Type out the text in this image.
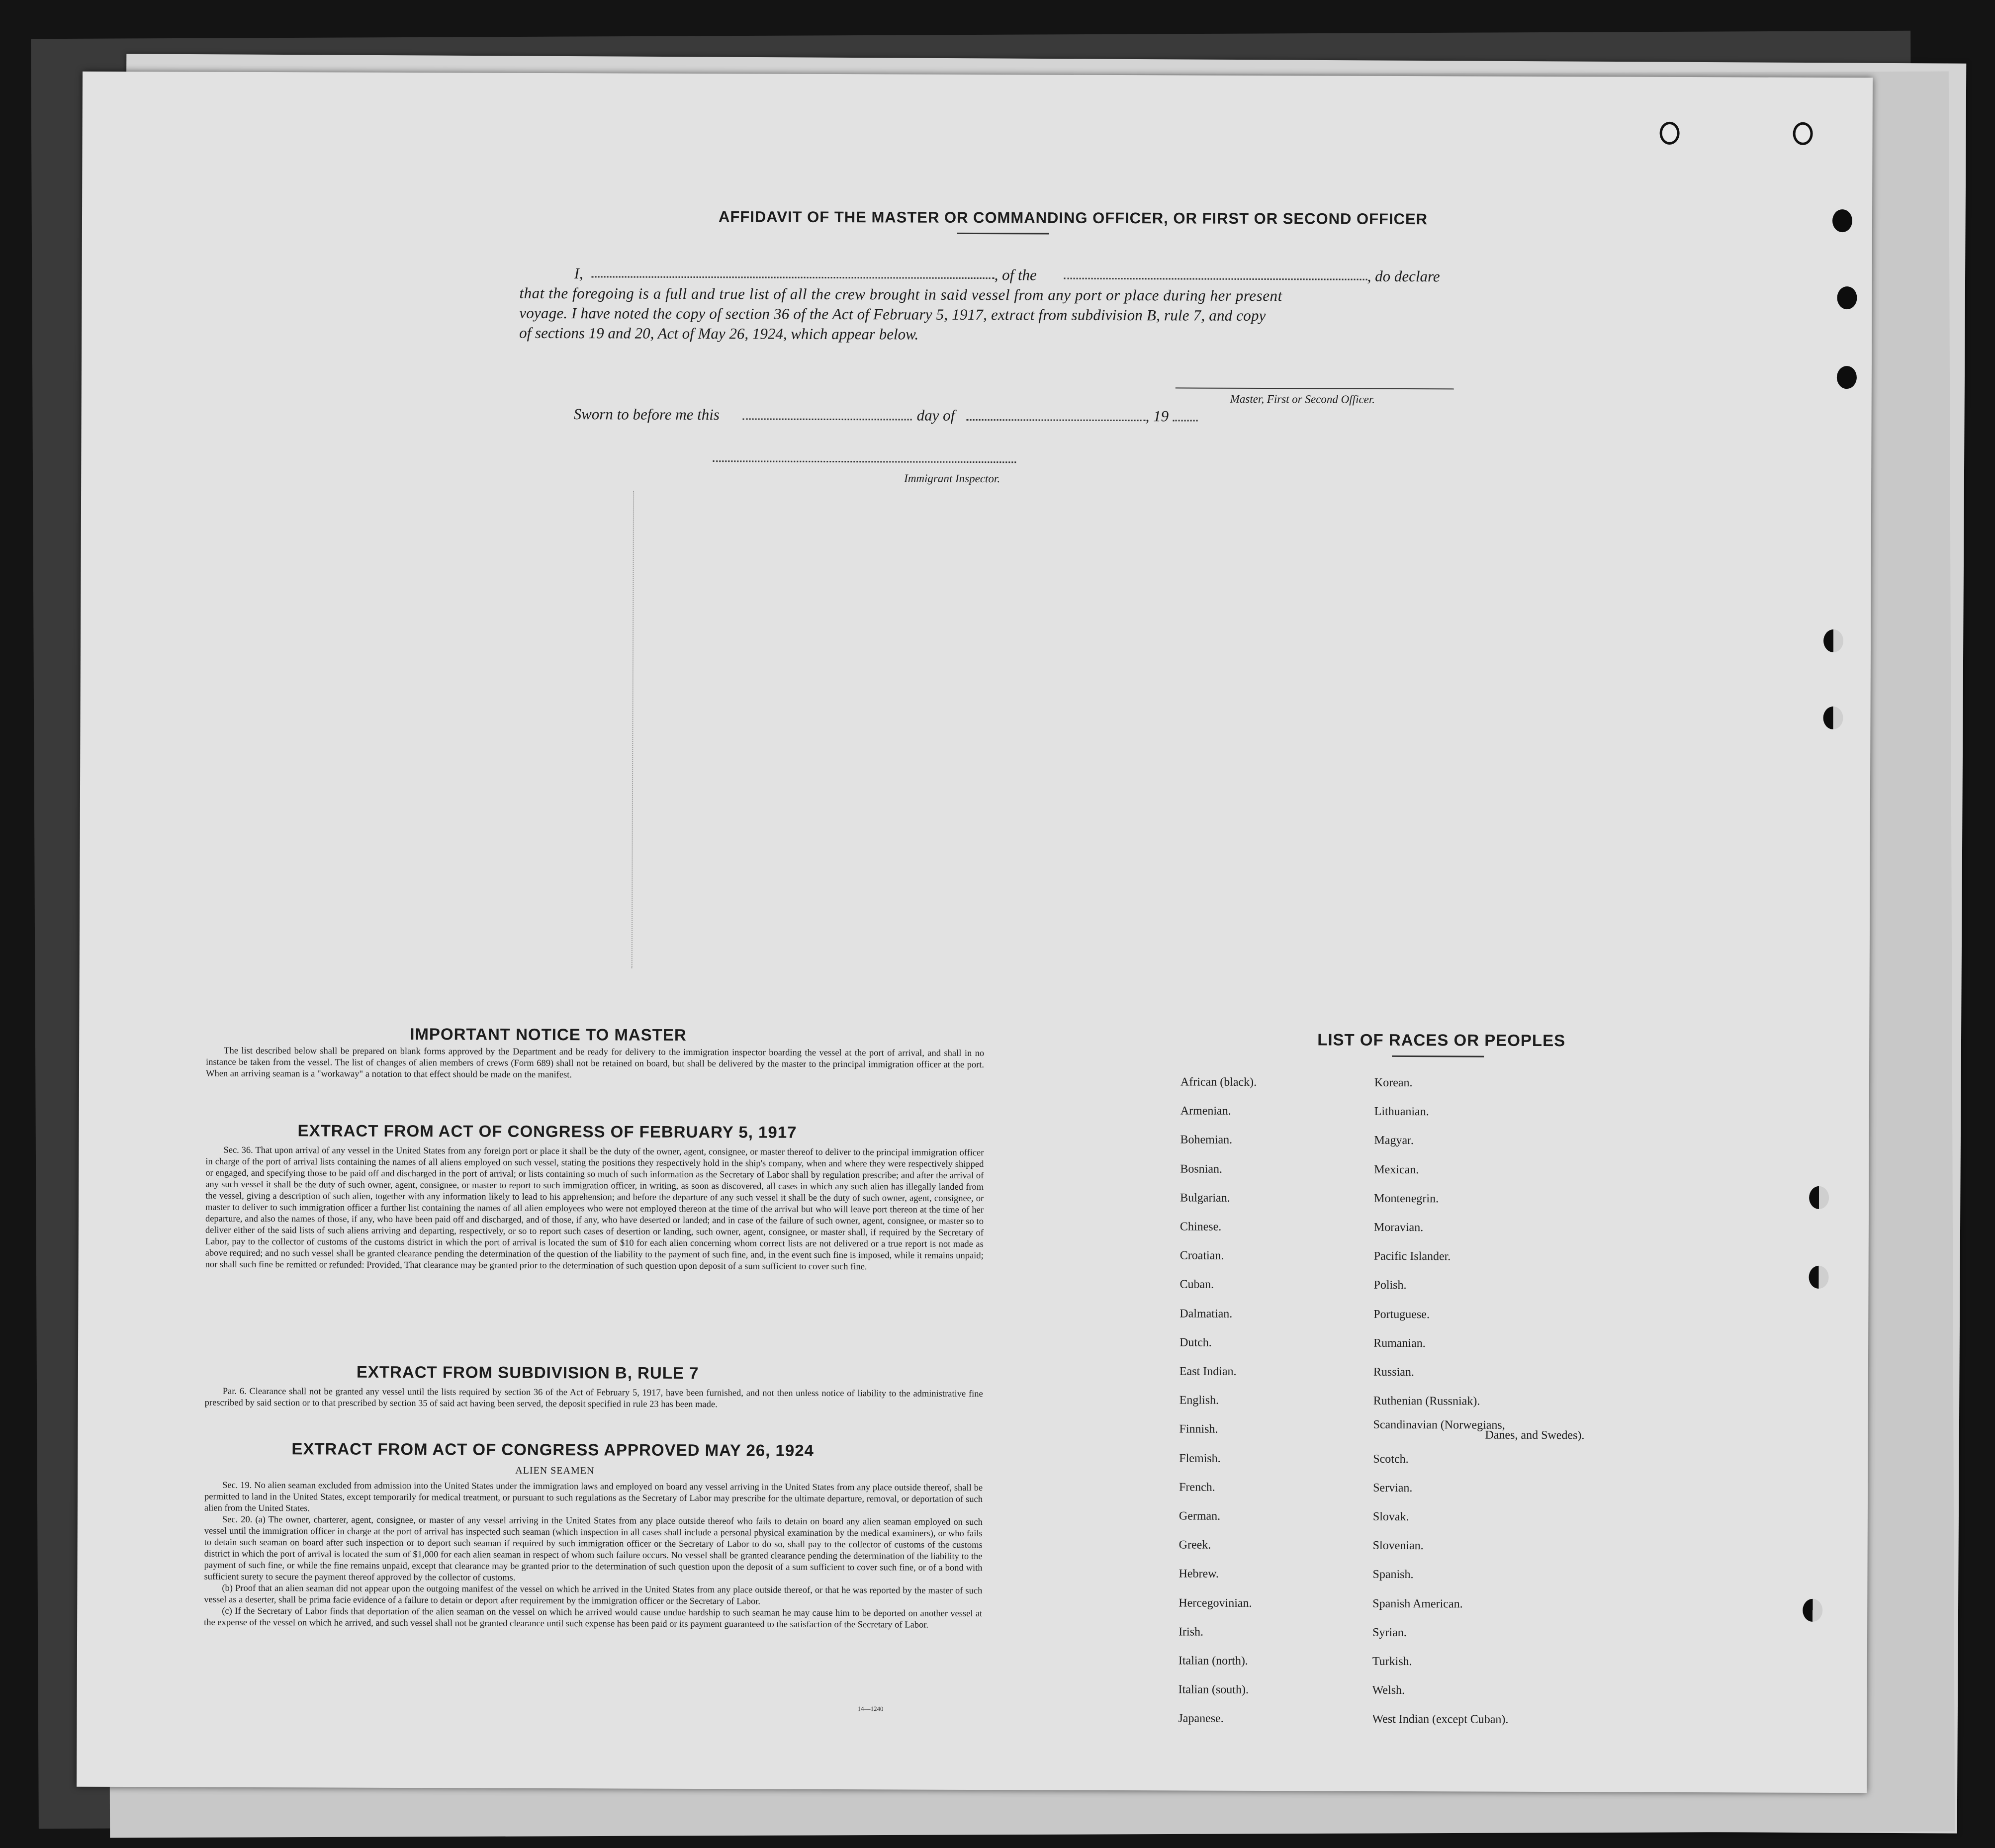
AFFIDAVIT OF THE MASTER OR COMMANDING OFFICER, OR FIRST OR SECOND OFFICER
I,	, of the	, do declare
that the foregoing is a full and true list of all the crew brought in said vessel from any port or place during her present
voyage. I have noted the copy of section 36 of the Act of February 5, 1917, extract from subdivision B, rule 7, and copy
of sections 19 and 20, Act of May 26, 1924, which appear below.
Master, First or Second Officer.
Sworn to before me this	day of	, 19
Immigrant Inspector.
IMPORTANT NOTICE TO MASTER

The list described below shall be prepared on blank forms approved by the Department and be ready for delivery to the immigration inspector boarding the vessel at the port of arrival, and shall in no instance be taken from the vessel. The list of changes of alien members of crews (Form 689) shall not be retained on board, but shall be delivered by the master to the principal immigration officer at the port. When an arriving seaman is a "workaway" a notation to that effect should be made on the manifest.

EXTRACT FROM ACT OF CONGRESS OF FEBRUARY 5, 1917

Sec. 36. That upon arrival of any vessel in the United States from any foreign port or place it shall be the duty of the owner, agent, consignee, or master thereof to deliver to the principal immigration officer in charge of the port of arrival lists containing the names of all aliens employed on such vessel, stating the positions they respectively hold in the ship's company, when and where they were respectively shipped or engaged, and specifying those to be paid off and discharged in the port of arrival; or lists containing so much of such information as the Secretary of Labor shall by regulation prescribe; and after the arrival of any such vessel it shall be the duty of such owner, agent, consignee, or master to report to such immigration officer, in writing, as soon as discovered, all cases in which any such alien has illegally landed from the vessel, giving a description of such alien, together with any information likely to lead to his apprehension; and before the departure of any such vessel it shall be the duty of such owner, agent, consignee, or master to deliver to such immigration officer a further list containing the names of all alien employees who were not employed thereon at the time of the arrival but who will leave port thereon at the time of her departure, and also the names of those, if any, who have been paid off and discharged, and of those, if any, who have deserted or landed; and in case of the failure of such owner, agent, consignee, or master so to deliver either of the said lists of such aliens arriving and departing, respectively, or so to report such cases of desertion or landing, such owner, agent, consignee, or master shall, if required by the Secretary of Labor, pay to the collector of customs of the customs district in which the port of arrival is located the sum of $10 for each alien concerning whom correct lists are not delivered or a true report is not made as above required; and no such vessel shall be granted clearance pending the determination of the question of the liability to the payment of such fine, and, in the event such fine is imposed, while it remains unpaid; nor shall such fine be remitted or refunded: Provided, That clearance may be granted prior to the determination of such question upon deposit of a sum sufficient to cover such fine.

EXTRACT FROM SUBDIVISION B, RULE 7

Par. 6. Clearance shall not be granted any vessel until the lists required by section 36 of the Act of February 5, 1917, have been furnished, and not then unless notice of liability to the administrative fine prescribed by said section or to that prescribed by section 35 of said act having been served, the deposit specified in rule 23 has been made.

EXTRACT FROM ACT OF CONGRESS APPROVED MAY 26, 1924
ALIEN SEAMEN

Sec. 19. No alien seaman excluded from admission into the United States under the immigration laws and employed on board any vessel arriving in the United States from any place outside thereof, shall be permitted to land in the United States, except temporarily for medical treatment, or pursuant to such regulations as the Secretary of Labor may prescribe for the ultimate departure, removal, or deportation of such alien from the United States.

Sec. 20. (a) The owner, charterer, agent, consignee, or master of any vessel arriving in the United States from any place outside thereof who fails to detain on board any alien seaman employed on such vessel until the immigration officer in charge at the port of arrival has inspected such seaman (which inspection in all cases shall include a personal physical examination by the medical examiners), or who fails to detain such seaman on board after such inspection or to deport such seaman if required by such immigration officer or the Secretary of Labor to do so, shall pay to the collector of customs of the customs district in which the port of arrival is located the sum of $1,000 for each alien seaman in respect of whom such failure occurs. No vessel shall be granted clearance pending the determination of the liability to the payment of such fine, or while the fine remains unpaid, except that clearance may be granted prior to the determination of such question upon the deposit of a sum sufficient to cover such fine, or of a bond with sufficient surety to secure the payment thereof approved by the collector of customs.

(b) Proof that an alien seaman did not appear upon the outgoing manifest of the vessel on which he arrived in the United States from any place outside thereof, or that he was reported by the master of such vessel as a deserter, shall be prima facie evidence of a failure to detain or deport after requirement by the immigration officer or the Secretary of Labor.

(c) If the Secretary of Labor finds that deportation of the alien seaman on the vessel on which he arrived would cause undue hardship to such seaman he may cause him to be deported on another vessel at the expense of the vessel on which he arrived, and such vessel shall not be granted clearance until such expense has been paid or its payment guaranteed to the satisfaction of the Secretary of Labor.

14—1240
LIST OF RACES OR PEOPLES
Danes, and Swedes).
African (black).
Armenian.
Bohemian.
Bosnian.
Bulgarian.
Chinese.
Croatian.
Cuban.
Dalmatian.
Dutch.
East Indian.
English.
Finnish.
Flemish.
French.
German.
Greek.
Hebrew.
Hercegovinian.
Irish.
Italian (north).
Italian (south).
Japanese.
Korean.
Lithuanian.
Magyar.
Mexican.
Montenegrin.
Moravian.
Pacific Islander.
Polish.
Portuguese.
Rumanian.
Russian.
Ruthenian (Russniak).
Scandinavian (Norwegians,
Scotch.
Servian.
Slovak.
Slovenian.
Spanish.
Spanish American.
Syrian.
Turkish.
Welsh.
West Indian (except Cuban).
